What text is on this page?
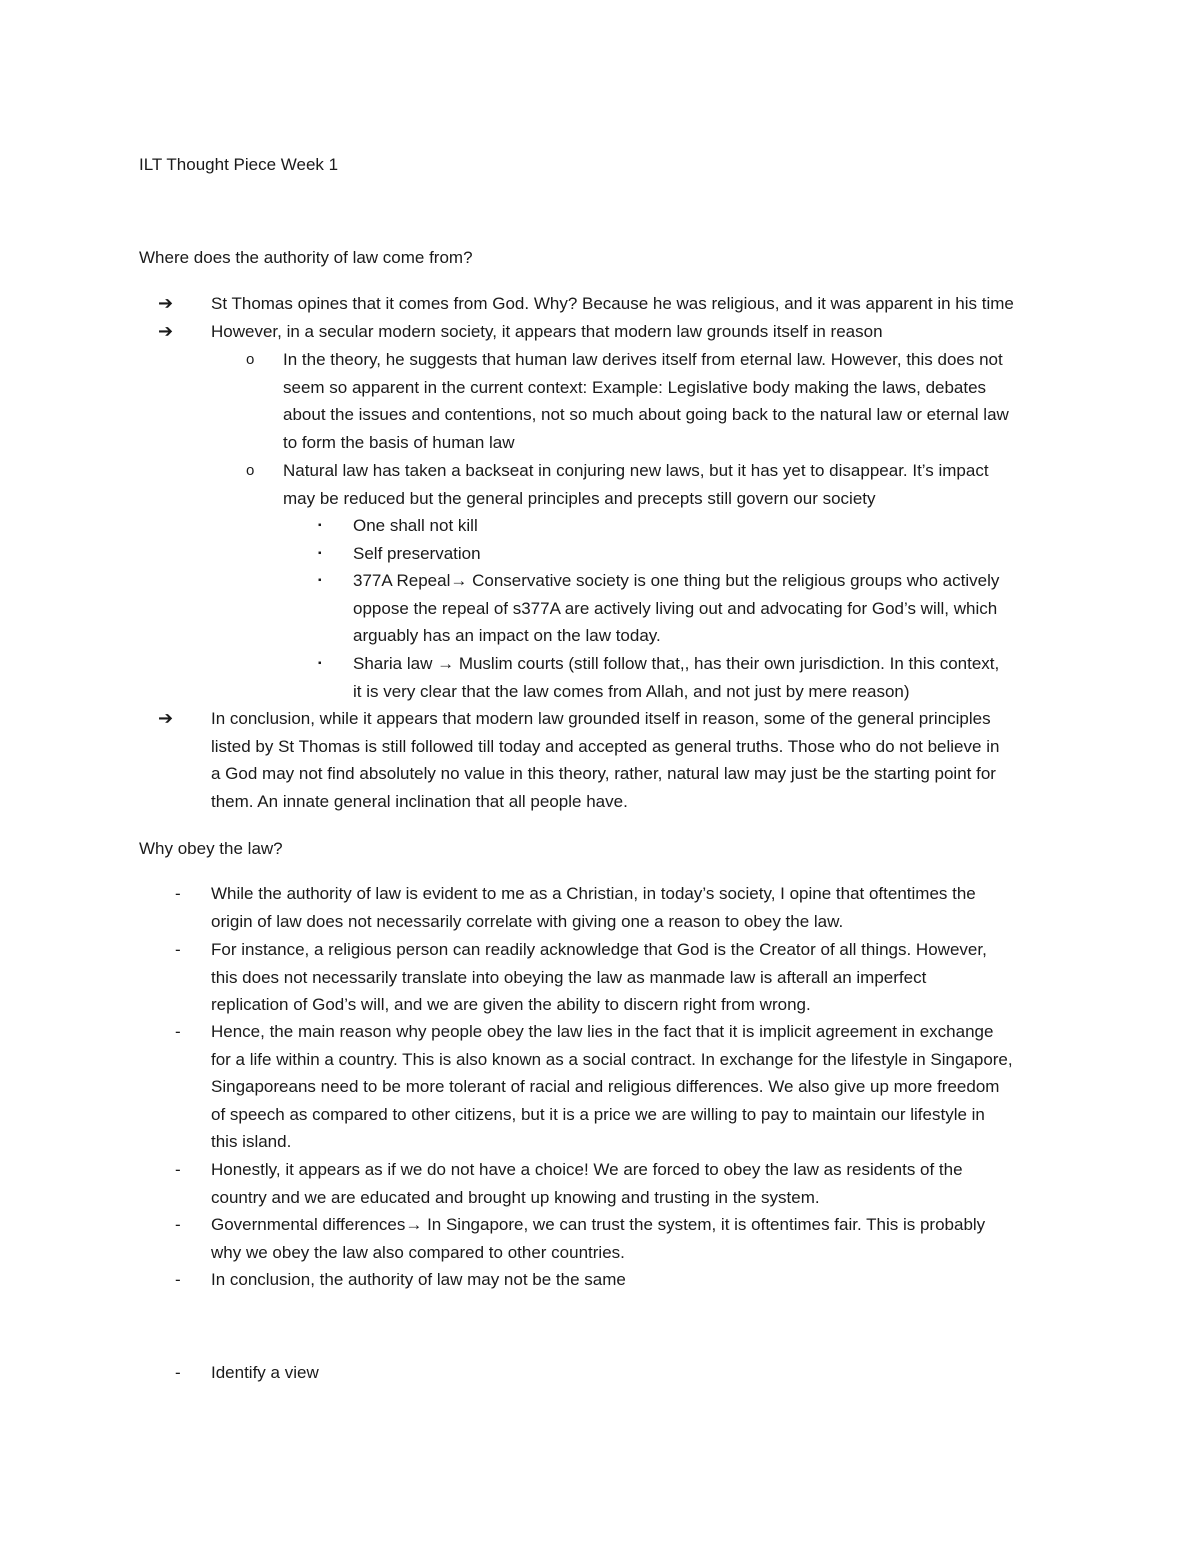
ILT Thought Piece Week 1
Where does the authority of law come from?
➔ St Thomas opines that it comes from God. Why? Because he was religious, and it was apparent in his time
➔ However, in a secular modern society, it appears that modern law grounds itself in reason
o In the theory, he suggests that human law derives itself from eternal law. However, this does not
seem so apparent in the current context: Example: Legislative body making the laws, debates
about the issues and contentions, not so much about going back to the natural law or eternal law
to form the basis of human law
o Natural law has taken a backseat in conjuring new laws, but it has yet to disappear. It’s impact
may be reduced but the general principles and precepts still govern our society
▪ One shall not kill
▪ Self preservation
▪ 377A Repeal→ Conservative society is one thing but the religious groups who actively
oppose the repeal of s377A are actively living out and advocating for God’s will, which
arguably has an impact on the law today.
▪ Sharia law → Muslim courts (still follow that,, has their own jurisdiction. In this context,
it is very clear that the law comes from Allah, and not just by mere reason)
➔ In conclusion, while it appears that modern law grounded itself in reason, some of the general principles
listed by St Thomas is still followed till today and accepted as general truths. Those who do not believe in
a God may not find absolutely no value in this theory, rather, natural law may just be the starting point for
them. An innate general inclination that all people have.
Why obey the law?
- While the authority of law is evident to me as a Christian, in today’s society, I opine that oftentimes the
origin of law does not necessarily correlate with giving one a reason to obey the law.
- For instance, a religious person can readily acknowledge that God is the Creator of all things. However,
this does not necessarily translate into obeying the law as manmade law is afterall an imperfect
replication of God’s will, and we are given the ability to discern right from wrong.
- Hence, the main reason why people obey the law lies in the fact that it is implicit agreement in exchange
for a life within a country. This is also known as a social contract. In exchange for the lifestyle in Singapore,
Singaporeans need to be more tolerant of racial and religious differences. We also give up more freedom
of speech as compared to other citizens, but it is a price we are willing to pay to maintain our lifestyle in
this island.
- Honestly, it appears as if we do not have a choice! We are forced to obey the law as residents of the
country and we are educated and brought up knowing and trusting in the system.
- Governmental differences→ In Singapore, we can trust the system, it is oftentimes fair. This is probably
why we obey the law also compared to other countries.
- In conclusion, the authority of law may not be the same
- Identify a view
